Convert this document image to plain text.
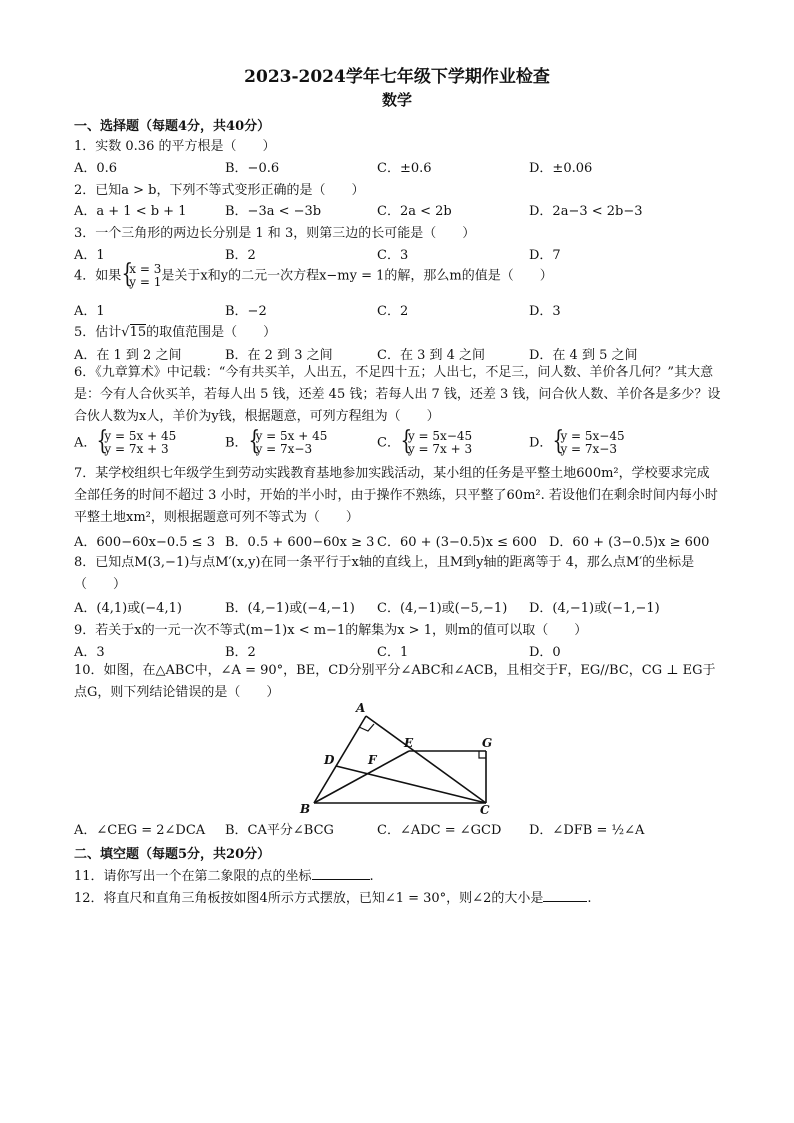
2023-2024学年七年级下学期作业检查
数学
一、选择题（每题4分，共40分）
1．实数 0.36 的平方根是（　　）
A．0.6	B．−0.6	C．±0.6	D．±0.06
2．已知a > b，下列不等式变形正确的是（　　）
A．a + 1 < b + 1	B．−3a < −3b	C．2a < 2b	D．2a−3 < 2b−3
3．一个三角形的两边长分别是 1 和 3，则第三边的长可能是（　　）
A．1	B．2	C．3	D．7
4．如果 { x = 3
y = 1 是关于x和y的二元一次方程x−my = 1的解，那么m的值是（　　）
A．1	B．−2	C．2	D．3
5．估计√15的取值范围是（　　）
A．在 1 到 2 之间	B．在 2 到 3 之间	C．在 3 到 4 之间	D．在 4 到 5 之间
6．《九章算术》中记载：“今有共买羊，人出五，不足四十五；人出七，不足三，问人数、羊价各几何？”其大意是：今有人合伙买羊，若每人出 5 钱，还差 45 钱；若每人出 7 钱，还差 3 钱，问合伙人数、羊价各是多少？设合伙人数为x人，羊价为y钱，根据题意，可列方程组为（　　）
A． { y = 5x + 45
y = 7x + 3	B． { y = 5x + 45
y = 7x−3	C． { y = 5x−45
y = 7x + 3	D． { y = 5x−45
y = 7x−3
7．某学校组织七年级学生到劳动实践教育基地参加实践活动，某小组的任务是平整土地600m²，学校要求完成全部任务的时间不超过 3 小时，开始的半小时，由于操作不熟练，只平整了60m². 若设他们在剩余时间内每小时平整土地xm²，则根据题意可列不等式为（　　）
A．600−60x−0.5 ≤ 3 B．0.5 + 600−60x ≥ 3 C．60 + (3−0.5)x ≤ 600 D．60 + (3−0.5)x ≥ 600
8．已知点M(3,−1)与点M′(x,y)在同一条平行于x轴的直线上，且M到y轴的距离等于 4，那么点M′的坐标是（　　）
A．(4,1)或(−4,1)	B．(4,−1)或(−4,−1) C．(4,−1)或(−5,−1) D．(4,−1)或(−1,−1)
9．若关于x的一元一次不等式(m−1)x < m−1的解集为x > 1，则m的值可以取（　　）
A．3	B．2	C．1	D．0
10．如图，在△ABC中，∠A = 90°，BE，CD分别平分∠ABC和∠ACB，且相交于F，EG//BC，CG ⊥ EG于点G，则下列结论错误的是（　　）
A
D
E	G
F
B	C
A．∠CEG = 2∠DCA B．CA平分∠BCG	C．∠ADC = ∠GCD D．∠DFB = ½∠A
二、填空题（每题5分，共20分）
11．请你写出一个在第二象限的点的坐标	.
12．将直尺和直角三角板按如图4所示方式摆放，已知∠1 = 30°，则∠2的大小是	.
